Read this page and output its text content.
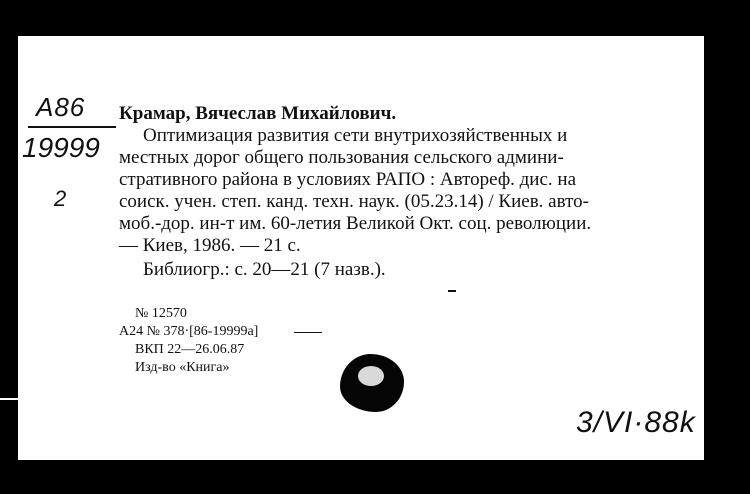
A86
19999
2
Крамар, Вячеслав Михайлович.
Оптимизация развития сети внутрихозяйственных и
местных дорог общего пользования сельского админи-
стративного района в условиях РАПО : Автореф. дис. на
соиск. учен. степ. канд. техн. наук. (05.23.14) / Киев. авто-
моб.-дор. ин-т им. 60-летия Великой Окт. соц. революции.
— Киев, 1986. — 21 с.
Библиогр.: с. 20—21 (7 назв.).
№ 12570
А24 № 378·[86-19999а]
ВКП 22—26.06.87
Изд-во «Книга»
3/VI·88k
